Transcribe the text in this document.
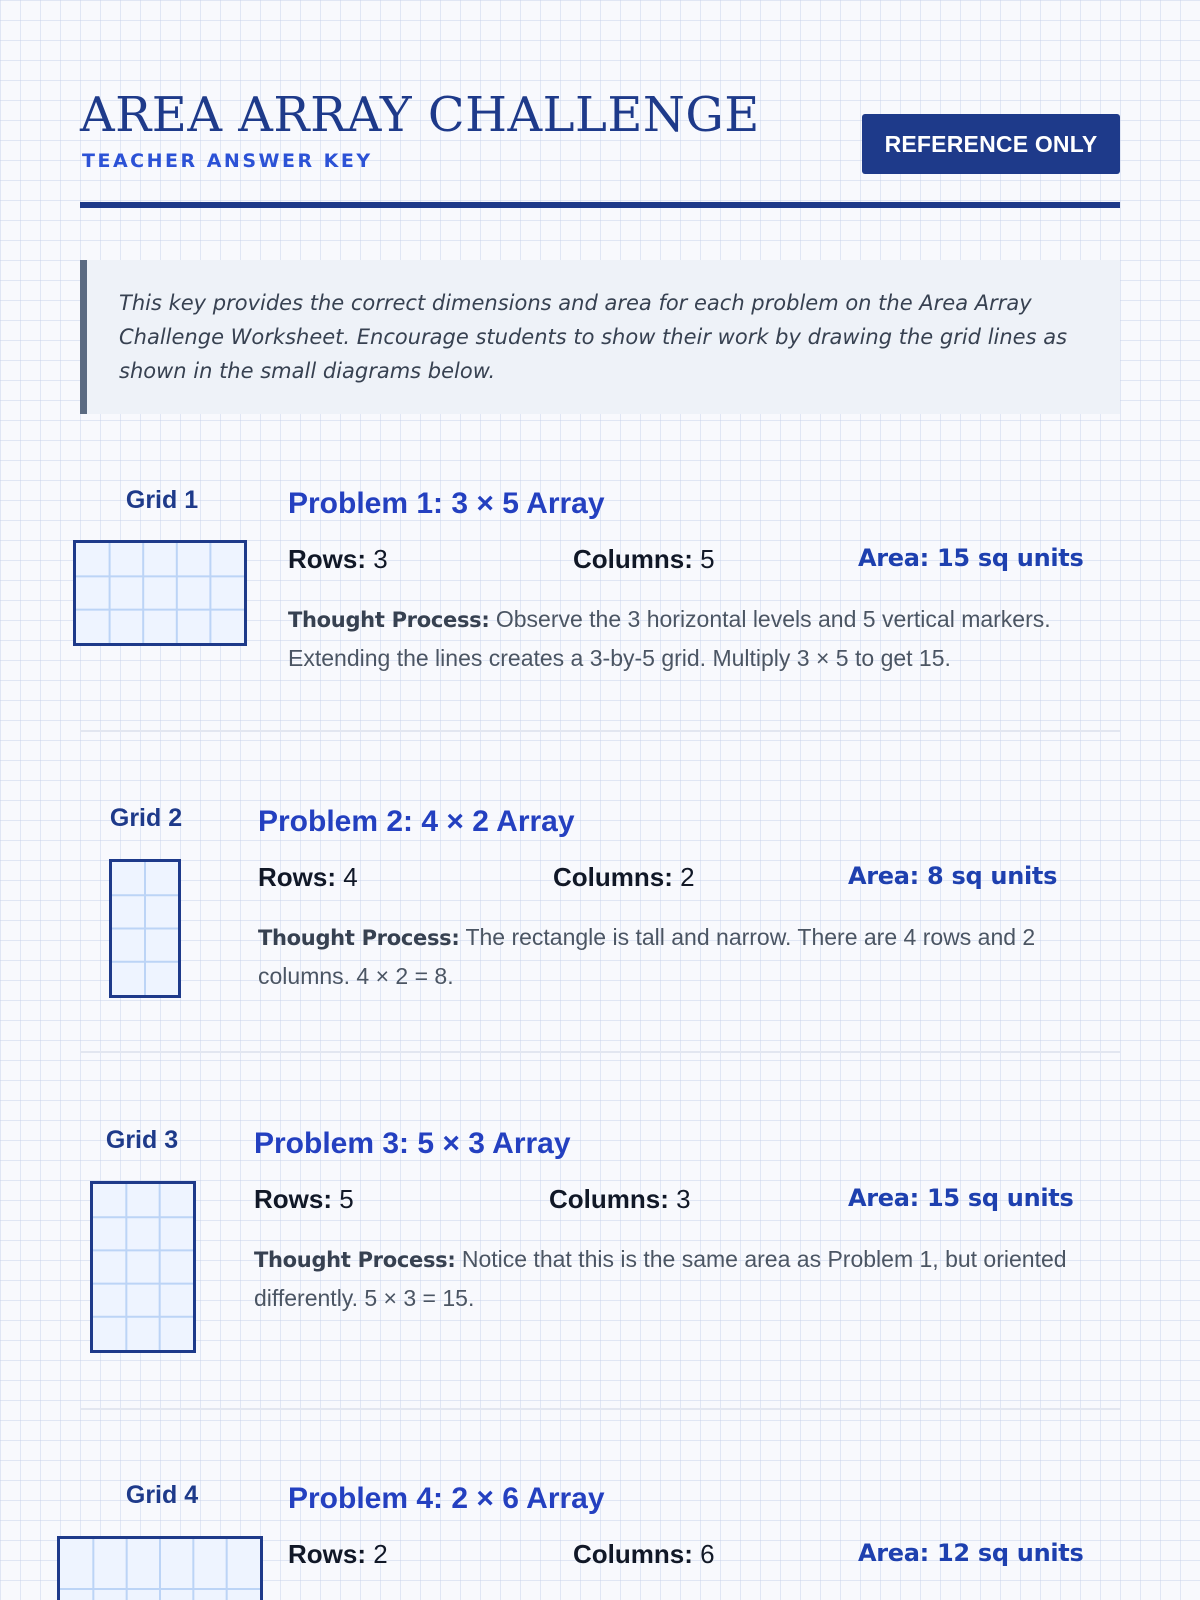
AREA ARRAY CHALLENGE
TEACHER ANSWER KEY
REFERENCE ONLY
This key provides the correct dimensions and area for each problem on the Area Array Challenge Worksheet. Encourage students to show their work by drawing the grid lines as shown in the small diagrams below.
Grid 1	Problem 1: 3 × 5 Array
Rows: 3	Columns: 5	Area: 15 sq units
Thought Process: Observe the 3 horizontal levels and 5 vertical markers. Extending the lines creates a 3-by-5 grid. Multiply 3 × 5 to get 15.
Grid 2	Problem 2: 4 × 2 Array
Rows: 4	Columns: 2	Area: 8 sq units
Thought Process: The rectangle is tall and narrow. There are 4 rows and 2 columns. 4 × 2 = 8.
Grid 3	Problem 3: 5 × 3 Array
Rows: 5	Columns: 3	Area: 15 sq units
Thought Process: Notice that this is the same area as Problem 1, but oriented differently. 5 × 3 = 15.
Grid 4	Problem 4: 2 × 6 Array
Rows: 2	Columns: 6	Area: 12 sq units
